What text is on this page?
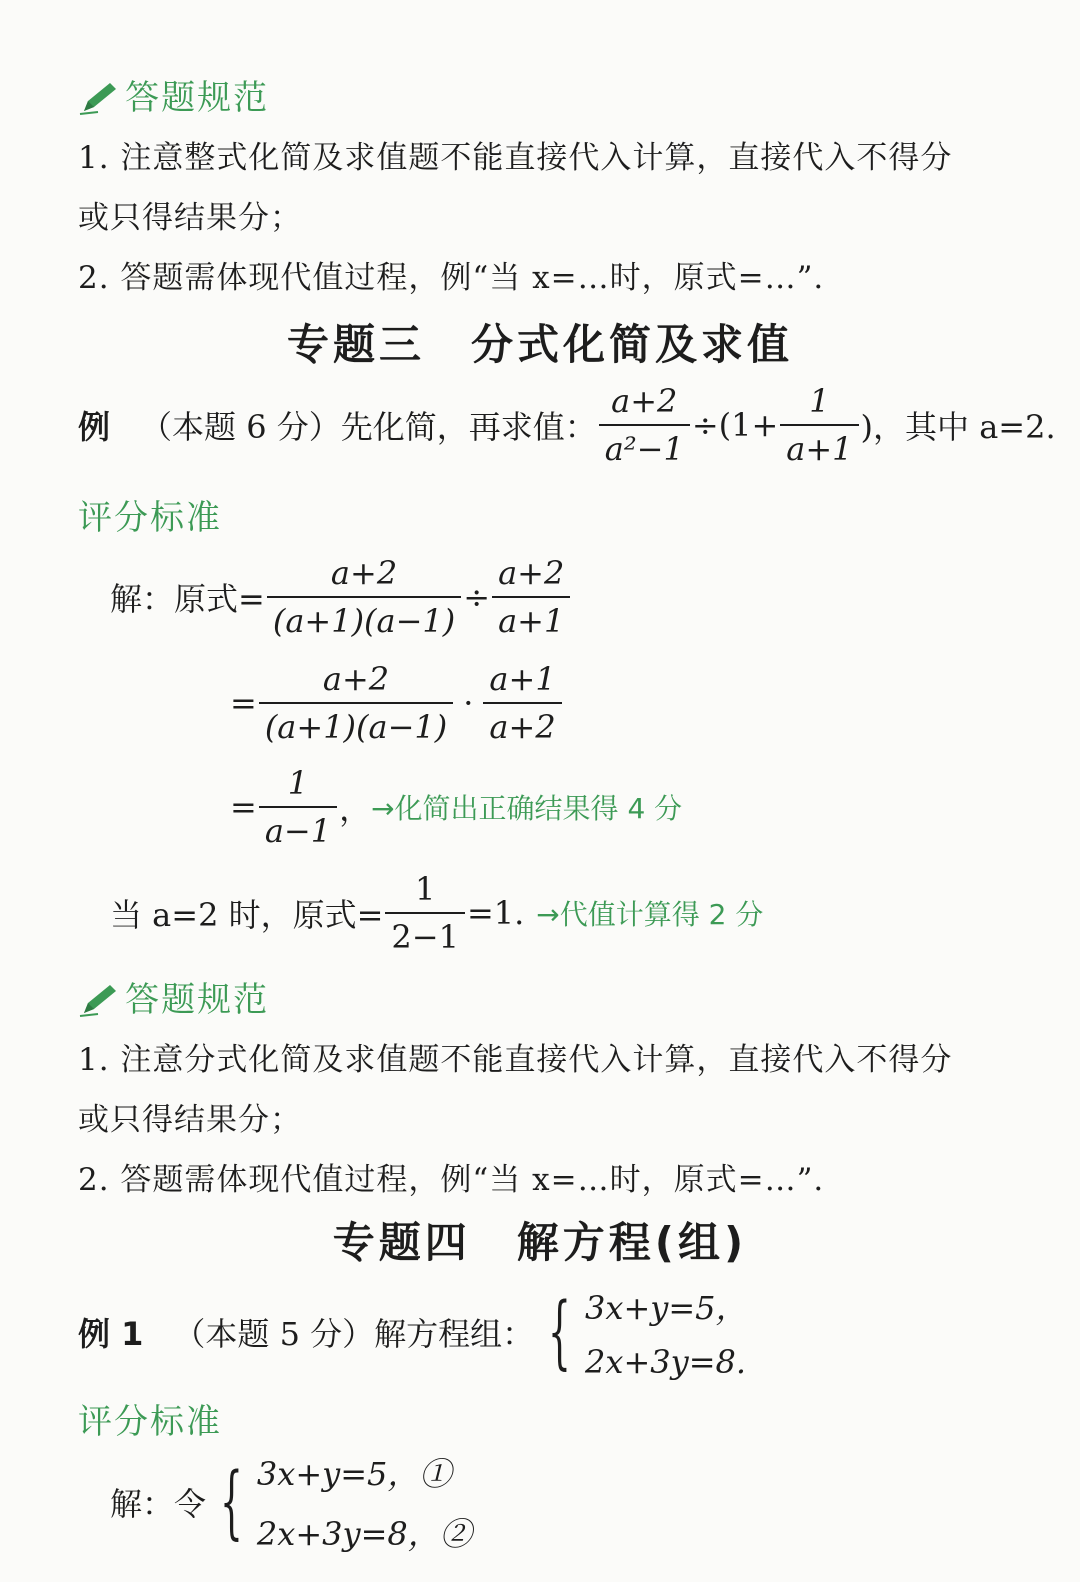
答题规范
1. 注意整式化简及求值题不能直接代入计算，直接代入不得分
或只得结果分；
2. 答题需体现代值过程，例“当 x=…时，原式=…”.
专题三　分式化简及求值
例 （本题 6 分）先化简，再求值： $\frac{a+2}{\text{a²−1}} \div(1+ \frac{1}{a+1}$ )，其中 a=2.
评分标准
解：原式= $\frac{a+2}{(a+1)(a-1)} \div \frac{a+2}{a+1}$
= $\frac{a+2}{(a+1)(a-1)} \cdot \frac{a+1}{a+2}$
= $\frac{1}{a-1}$ ， →化简出正确结果得 4 分
当 a=2 时，原式= $\frac{1}{2-1} =1$. →代值计算得 2 分
答题规范
1. 注意分式化简及求值题不能直接代入计算，直接代入不得分
或只得结果分；
2. 答题需体现代值过程，例“当 x=…时，原式=…”.
专题四　解方程(组)
例 1 （本题 5 分）解方程组： { 3x+y=5，
2x+3y=8.
评分标准
解：令 { 3x+y=5，①
2x+3y=8，②
